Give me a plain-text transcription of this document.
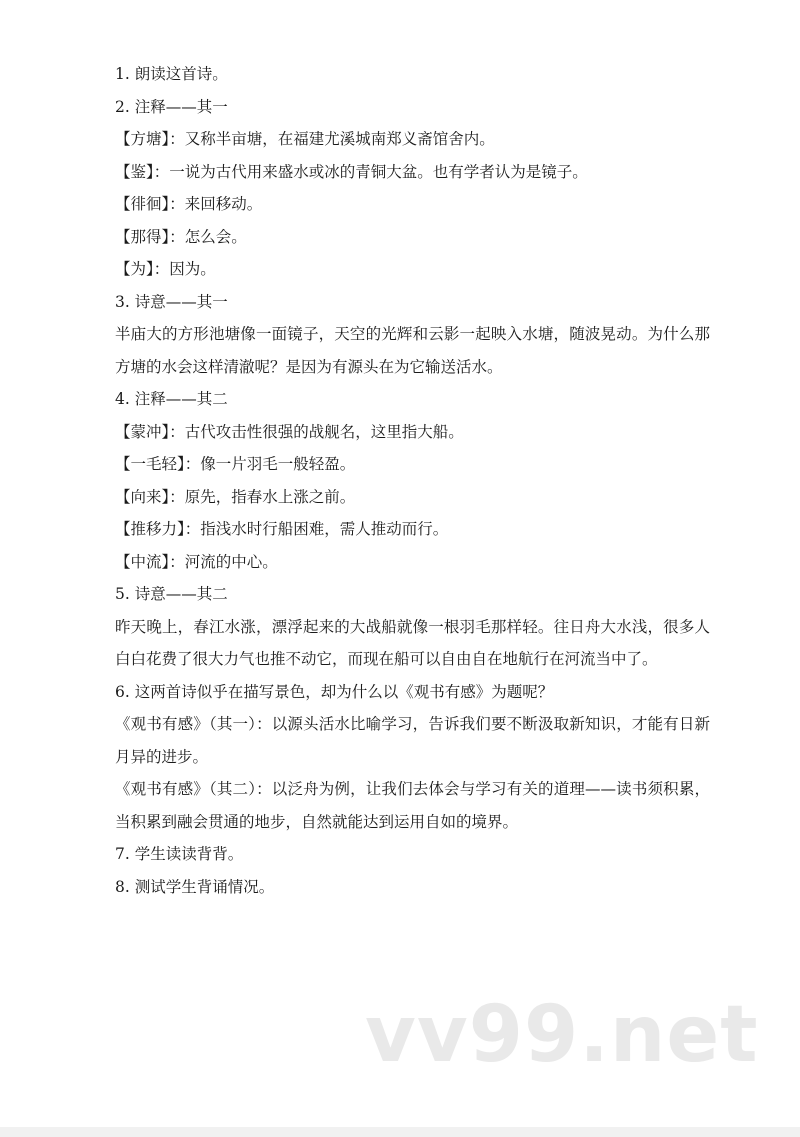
1. 朗读这首诗。
2. 注释——其一
【方塘】：又称半亩塘，在福建尤溪城南郑义斋馆舍内。
【鉴】：一说为古代用来盛水或冰的青铜大盆。也有学者认为是镜子。
【徘徊】：来回移动。
【那得】：怎么会。
【为】：因为。
3. 诗意——其一
半庙大的方形池塘像一面镜子，天空的光辉和云影一起映入水塘，随波晃动。为什么那方塘的水会这样清澈呢？是因为有源头在为它输送活水。
4. 注释——其二
【蒙冲】：古代攻击性很强的战舰名，这里指大船。
【一毛轻】：像一片羽毛一般轻盈。
【向来】：原先，指春水上涨之前。
【推移力】：指浅水时行船困难，需人推动而行。
【中流】：河流的中心。
5. 诗意——其二
昨天晚上，春江水涨，漂浮起来的大战船就像一根羽毛那样轻。往日舟大水浅，很多人白白花费了很大力气也推不动它，而现在船可以自由自在地航行在河流当中了。
6. 这两首诗似乎在描写景色，却为什么以《观书有感》为题呢？
《观书有感》（其一）：以源头活水比喻学习，告诉我们要不断汲取新知识，才能有日新月异的进步。
《观书有感》（其二）：以泛舟为例，让我们去体会与学习有关的道理——读书须积累，当积累到融会贯通的地步，自然就能达到运用自如的境界。
7. 学生读读背背。
8. 测试学生背诵情况。
vv99.net
